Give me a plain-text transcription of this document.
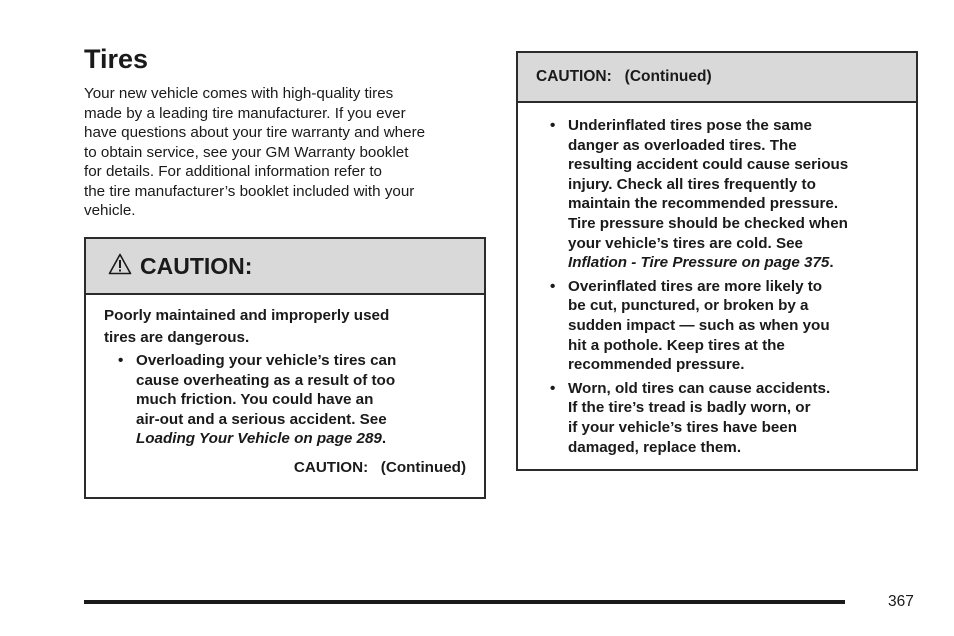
Tires

Your new vehicle comes with high-quality tires
made by a leading tire manufacturer. If you ever
have questions about your tire warranty and where
to obtain service, see your GM Warranty booklet
for details. For additional information refer to
the tire manufacturer’s booklet included with your
vehicle.

CAUTION:
Poorly maintained and improperly used
tires are dangerous.
• Overloading your vehicle’s tires can
cause overheating as a result of too
much friction. You could have an
air-out and a serious accident. See
Loading Your Vehicle on page 289.
CAUTION:   (Continued)
CAUTION:   (Continued)
• Underinflated tires pose the same
danger as overloaded tires. The
resulting accident could cause serious
injury. Check all tires frequently to
maintain the recommended pressure.
Tire pressure should be checked when
your vehicle’s tires are cold. See
Inflation - Tire Pressure on page 375.
• Overinflated tires are more likely to
be cut, punctured, or broken by a
sudden impact — such as when you
hit a pothole. Keep tires at the
recommended pressure.
• Worn, old tires can cause accidents.
If the tire’s tread is badly worn, or
if your vehicle’s tires have been
damaged, replace them.
367
